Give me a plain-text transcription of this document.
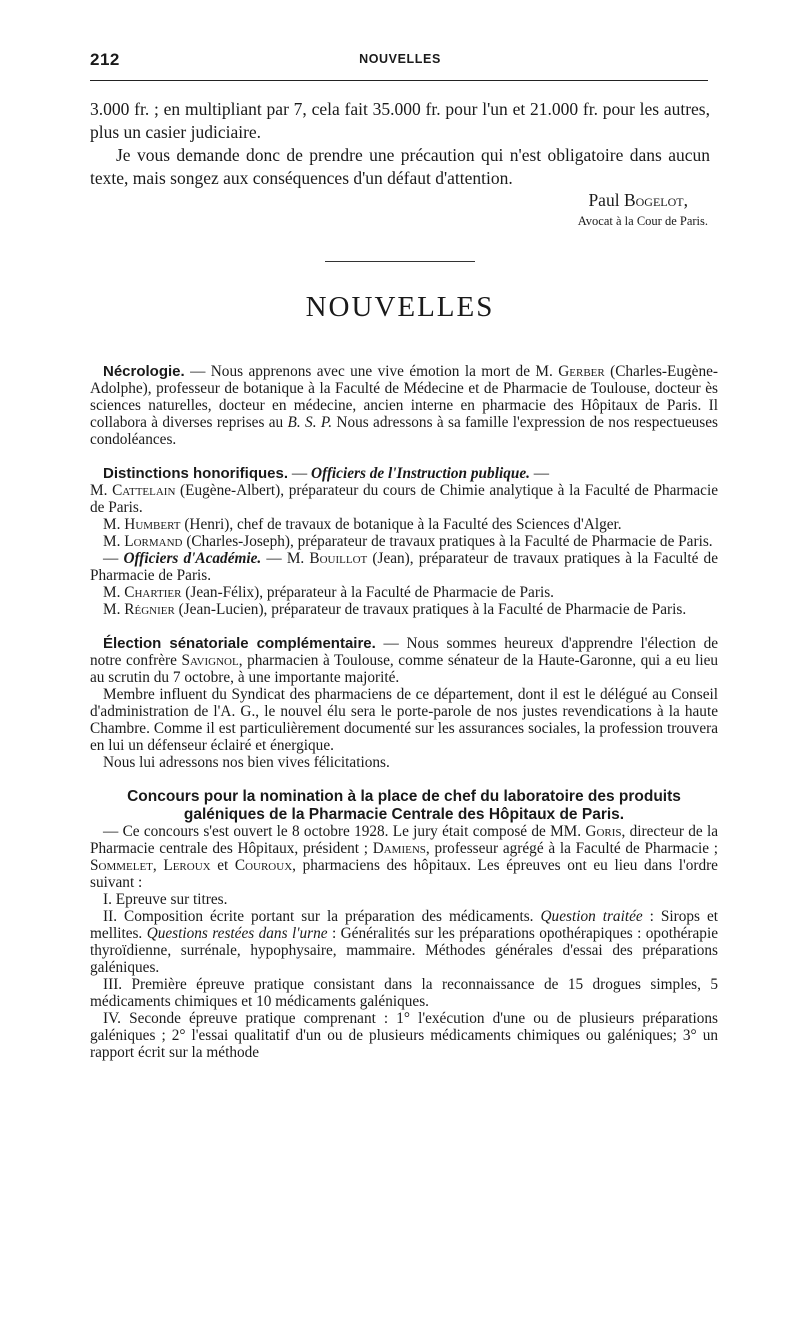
212	NOUVELLES

3.000 fr. ; en multipliant par 7, cela fait 35.000 fr. pour l'un et 21.000 fr. pour les autres, plus un casier judiciaire.

Je vous demande donc de prendre une précaution qui n'est obligatoire dans aucun texte, mais songez aux conséquences d'un défaut d'attention.

Paul Bogelot,

Avocat à la Cour de Paris.

NOUVELLES

Nécrologie. — Nous apprenons avec une vive émotion la mort de M. Gerber (Charles-Eugène-Adolphe), professeur de botanique à la Faculté de Médecine et de Pharmacie de Toulouse, docteur ès sciences naturelles, docteur en médecine, ancien interne en pharmacie des Hôpitaux de Paris. Il collabora à diverses reprises au B. S. P. Nous adressons à sa famille l'expression de nos respectueuses condoléances.

Distinctions honorifiques. — Officiers de l'Instruction publique. —

M. Cattelain (Eugène-Albert), préparateur du cours de Chimie analytique à la Faculté de Pharmacie de Paris.

M. Humbert (Henri), chef de travaux de botanique à la Faculté des Sciences d'Alger.

M. Lormand (Charles-Joseph), préparateur de travaux pratiques à la Faculté de Pharmacie de Paris.

— Officiers d'Académie. — M. Bouillot (Jean), préparateur de travaux pratiques à la Faculté de Pharmacie de Paris.

M. Chartier (Jean-Félix), préparateur à la Faculté de Pharmacie de Paris.

M. Régnier (Jean-Lucien), préparateur de travaux pratiques à la Faculté de Pharmacie de Paris.

Élection sénatoriale complémentaire. — Nous sommes heureux d'apprendre l'élection de notre confrère Savignol, pharmacien à Toulouse, comme sénateur de la Haute-Garonne, qui a eu lieu au scrutin du 7 octobre, à une importante majorité.

Membre influent du Syndicat des pharmaciens de ce département, dont il est le délégué au Conseil d'administration de l'A. G., le nouvel élu sera le porte-parole de nos justes revendications à la haute Chambre. Comme il est particulièrement documenté sur les assurances sociales, la profession trouvera en lui un défenseur éclairé et énergique.

Nous lui adressons nos bien vives félicitations.

Concours pour la nomination à la place de chef du laboratoire des produits galéniques de la Pharmacie Centrale des Hôpitaux de Paris.

— Ce concours s'est ouvert le 8 octobre 1928. Le jury était composé de MM. Goris, directeur de la Pharmacie centrale des Hôpitaux, président ; Damiens, professeur agrégé à la Faculté de Pharmacie ; Sommelet, Leroux et Couroux, pharmaciens des hôpitaux. Les épreuves ont eu lieu dans l'ordre suivant :

I. Epreuve sur titres.

II. Composition écrite portant sur la préparation des médicaments. Question traitée : Sirops et mellites. Questions restées dans l'urne : Généralités sur les préparations opothérapiques : opothérapie thyroïdienne, surrénale, hypophysaire, mammaire. Méthodes générales d'essai des préparations galéniques.

III. Première épreuve pratique consistant dans la reconnaissance de 15 drogues simples, 5 médicaments chimiques et 10 médicaments galéniques.

IV. Seconde épreuve pratique comprenant : 1° l'exécution d'une ou de plusieurs préparations galéniques ; 2° l'essai qualitatif d'un ou de plusieurs médicaments chimiques ou galéniques; 3° un rapport écrit sur la méthode
